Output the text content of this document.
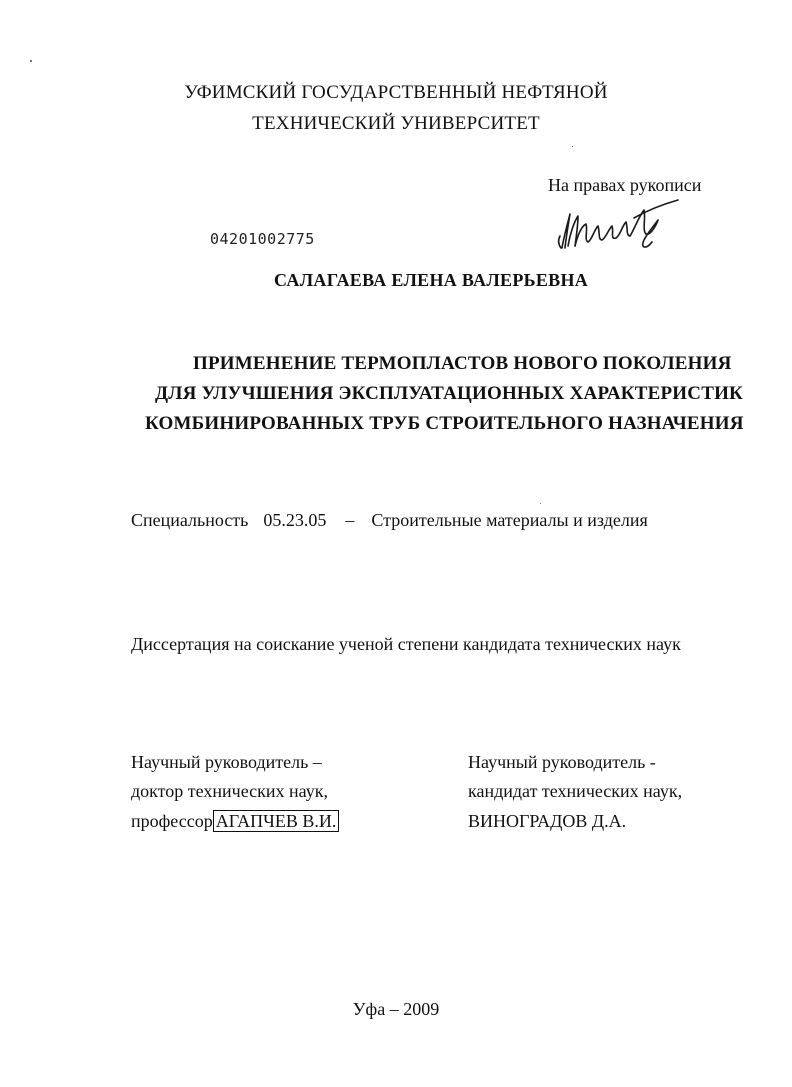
УФИМСКИЙ ГОСУДАРСТВЕННЫЙ НЕФТЯНОЙ
ТЕХНИЧЕСКИЙ УНИВЕРСИТЕТ
На правах рукописи
04201002775
САЛАГАЕВА ЕЛЕНА ВАЛЕРЬЕВНА
ПРИМЕНЕНИЕ ТЕРМОПЛАСТОВ НОВОГО ПОКОЛЕНИЯ
ДЛЯ УЛУЧШЕНИЯ ЭКСПЛУАТАЦИОННЫХ ХАРАКТЕРИСТИК
КОМБИНИРОВАННЫХ ТРУБ СТРОИТЕЛЬНОГО НАЗНАЧЕНИЯ
Специальность 05.23.05 – Строительные материалы и изделия
Диссертация на соискание ученой степени кандидата технических наук
Научный руководитель –
доктор технических наук,
профессор АГАПЧЕВ В.И.
Научный руководитель -
кандидат технических наук,
ВИНОГРАДОВ Д.А.
Уфа – 2009
